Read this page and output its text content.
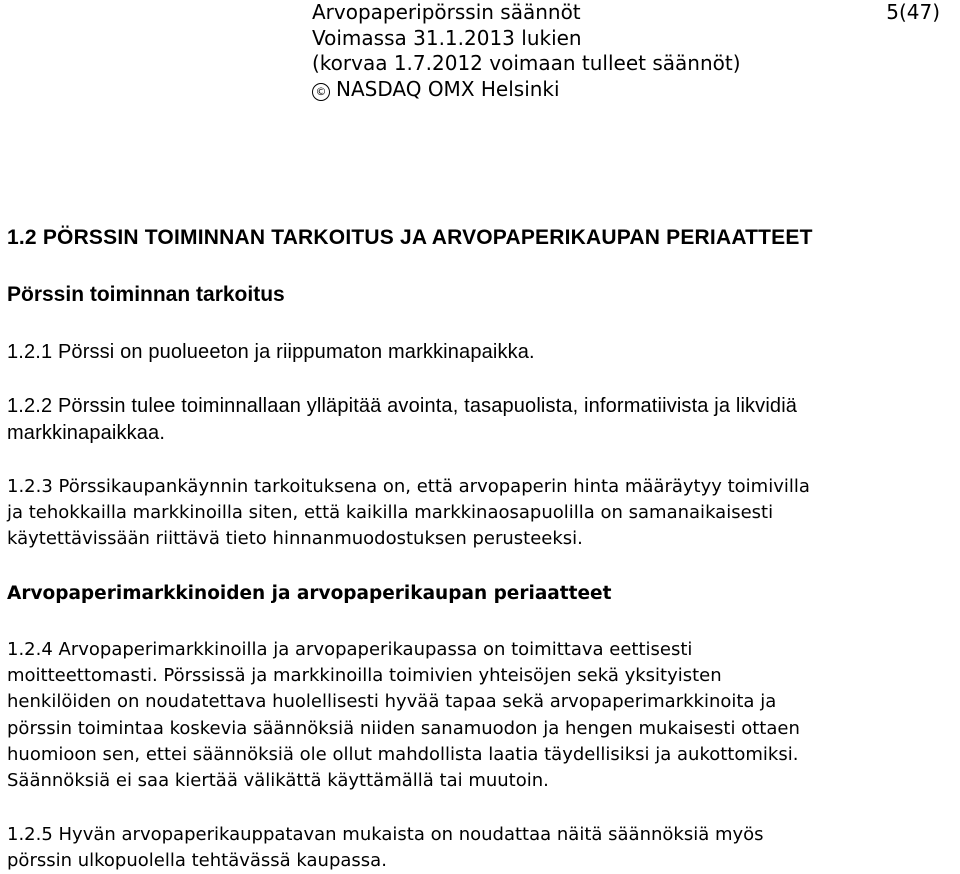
Arvopaperipörssin säännöt	5(47)
Voimassa 31.1.2013 lukien
(korvaa 1.7.2012 voimaan tulleet säännöt)
© NASDAQ OMX Helsinki
1.2 PÖRSSIN TOIMINNAN TARKOITUS JA ARVOPAPERIKAUPAN PERIAATTEET
Pörssin toiminnan tarkoitus
1.2.1 Pörssi on puolueeton ja riippumaton markkinapaikka.
1.2.2 Pörssin tulee toiminnallaan ylläpitää avointa, tasapuolista, informatiivista ja likvidiä
markkinapaikkaa.
1.2.3 Pörssikaupankäynnin tarkoituksena on, että arvopaperin hinta määräytyy toimivilla
ja tehokkailla markkinoilla siten, että kaikilla markkinaosapuolilla on samanaikaisesti
käytettävissään riittävä tieto hinnanmuodostuksen perusteeksi.
Arvopaperimarkkinoiden ja arvopaperikaupan periaatteet
1.2.4 Arvopaperimarkkinoilla ja arvopaperikaupassa on toimittava eettisesti
moitteettomasti. Pörssissä ja markkinoilla toimivien yhteisöjen sekä yksityisten
henkilöiden on noudatettava huolellisesti hyvää tapaa sekä arvopaperimarkkinoita ja
pörssin toimintaa koskevia säännöksiä niiden sanamuodon ja hengen mukaisesti ottaen
huomioon sen, ettei säännöksiä ole ollut mahdollista laatia täydellisiksi ja aukottomiksi.
Säännöksiä ei saa kiertää välikättä käyttämällä tai muutoin.
1.2.5 Hyvän arvopaperikauppatavan mukaista on noudattaa näitä säännöksiä myös
pörssin ulkopuolella tehtävässä kaupassa.
